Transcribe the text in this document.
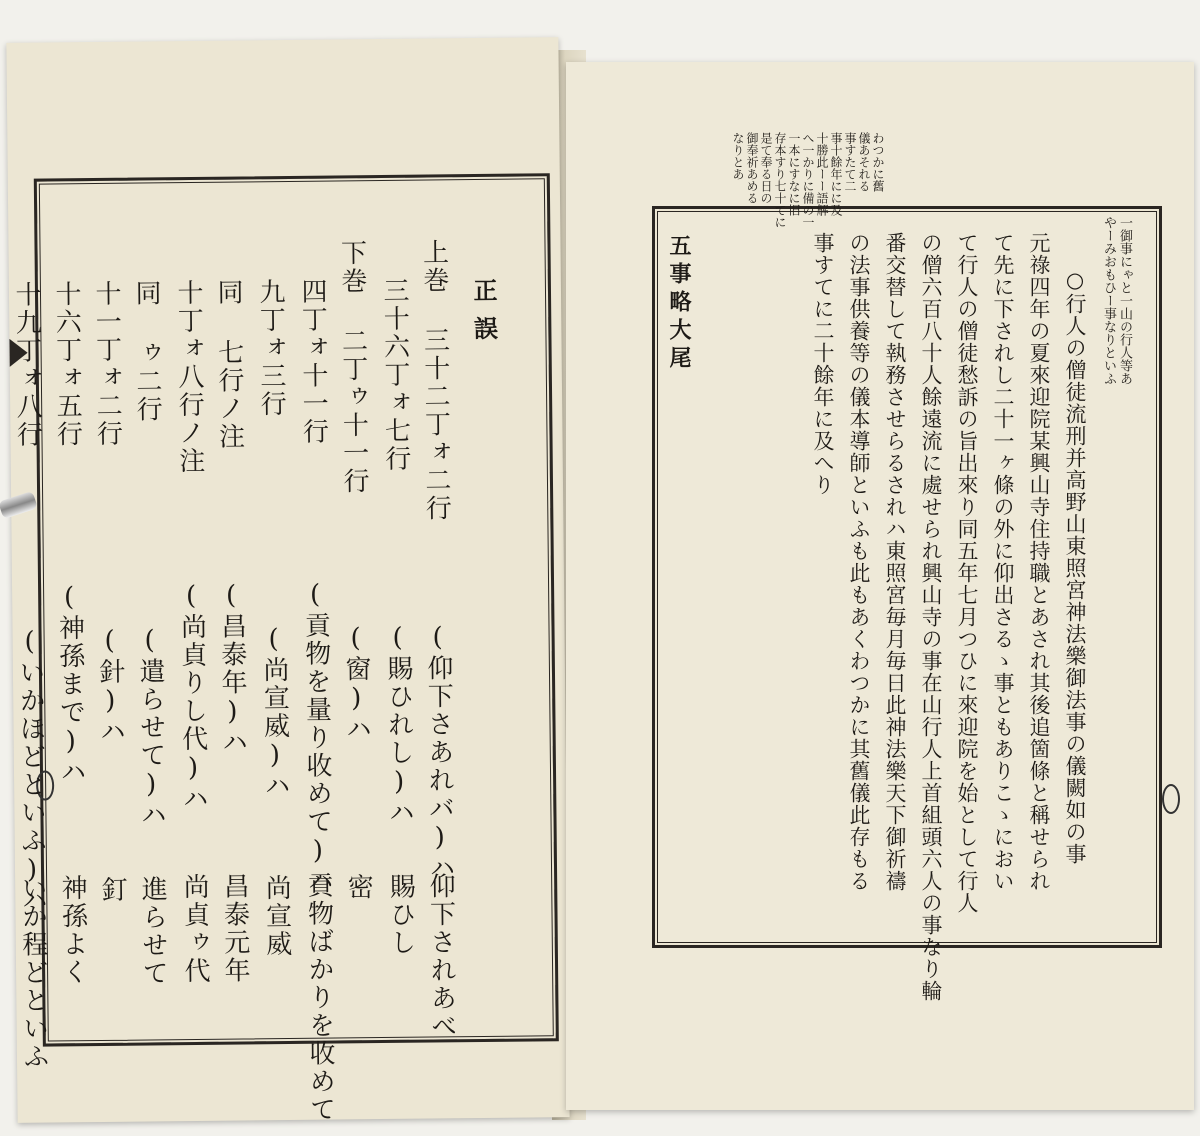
正誤
上巻 三十二丁ォ二行
(仰下さあれバ)ハ
仰下されあべ
三十六丁ォ七行
(賜ひれし)ハ
賜ひし
下巻 二丁ゥ十一行
(窗)ハ
密
四丁ォ十一行
(貢物を量り收めて)ハ
貢物ばかりを收めて
九丁ォ三行
(尚宣威)ハ
尚宣威
同 七行ノ注
(昌泰年)ハ
昌泰元年
十丁ォ八行ノ注
(尚貞りし代)ハ
尚貞ゥ代
同 ゥ二行
(遣らせて)ハ
進らせて
十一丁ォ二行
(針)ハ
釘
十六丁ォ五行
(神孫まで)ハ
神孫よく
十九丁ォ八行
(いかほどといふ)ハ
いか程どといふ
わつかに舊
儀あそれる
事すたて二
事十餘年にに及
十勝此ーー語解
へ一かりに備の一
一本にすなに旧
存本すり七十てに
是て奉る日の
御奉祈あめる
なりとあ
一御事にゃと一山の行人等あ
やーみおもひー事なりといふ
○行人の僧徒流刑并高野山東照宮神法樂御法事の儀闕如の事
元祿四年の夏來迎院某興山寺住持職とあされ其後追箇條と稱せられ
て先に下されし二十一ヶ條の外に仰出さるゝ事ともありこゝにおい
て行人の僧徒愁訴の旨出來り同五年七月つひに來迎院を始として行人
の僧六百八十人餘遠流に處せられ興山寺の事在山行人上首組頭六人の事なり輪
番交替して執務させらるされハ東照宮毎月毎日此神法樂天下御祈禱
の法事供養等の儀本導師といふも此もあくわつかに其舊儀此存もる
事すてに二十餘年に及へり
五事略大尾
